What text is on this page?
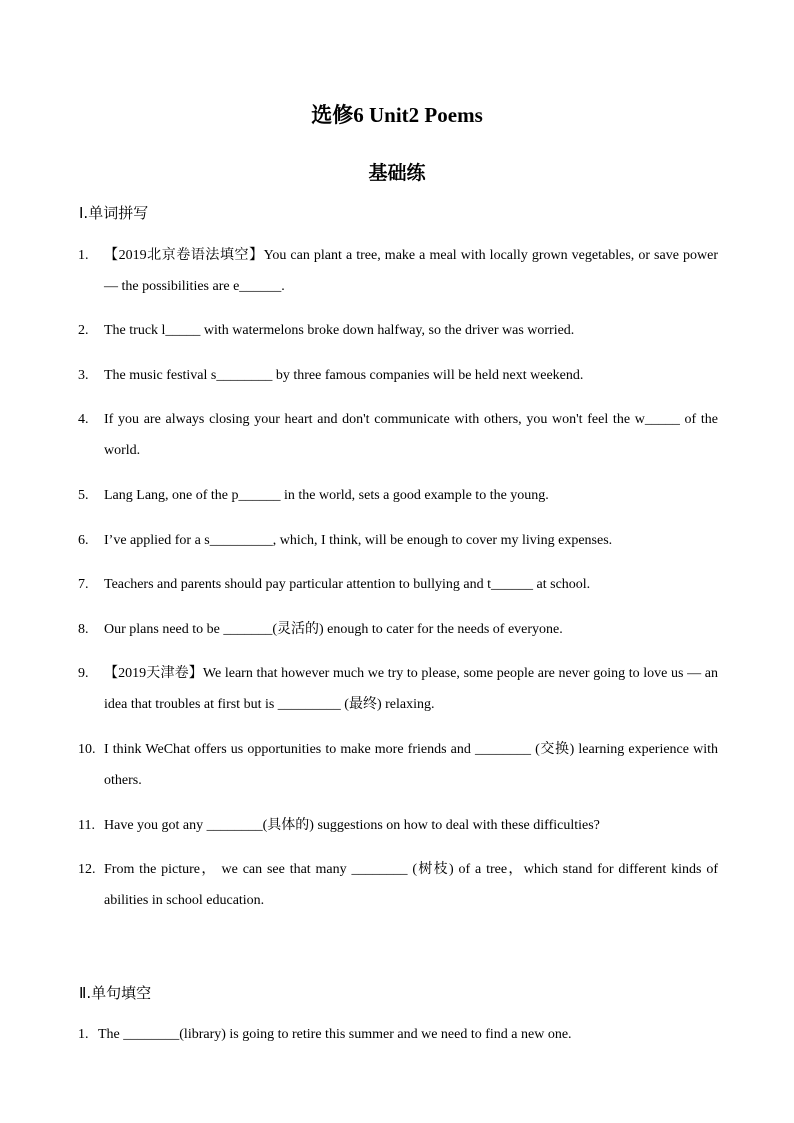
选修6 Unit2 Poems
基础练
Ⅰ.单词拼写
1. 【2019北京卷语法填空】You can plant a tree, make a meal with locally grown vegetables, or save power — the possibilities are e______.
2. The truck l_____ with watermelons broke down halfway, so the driver was worried.
3. The music festival s________ by three famous companies will be held next weekend.
4. If you are always closing your heart and don't communicate with others, you won't feel the w_____ of the world.
5. Lang Lang, one of the p______ in the world, sets a good example to the young.
6. I’ve applied for a s_________, which, I think, will be enough to cover my living expenses.
7. Teachers and parents should pay particular attention to bullying and t______ at school.
8. Our plans need to be _______(灵活的) enough to cater for the needs of everyone.
9. 【2019天津卷】We learn that however much we try to please, some people are never going to love us — an idea that troubles at first but is _________ (最终) relaxing.
10. I think WeChat offers us opportunities to make more friends and ________ (交换) learning experience with others.
11. Have you got any ________(具体的) suggestions on how to deal with these difficulties?
12. From the picture， we can see that many ________ (树枝) of a tree，which stand for different kinds of abilities in school education.
Ⅱ.单句填空
1. The ________(library) is going to retire this summer and we need to find a new one.
